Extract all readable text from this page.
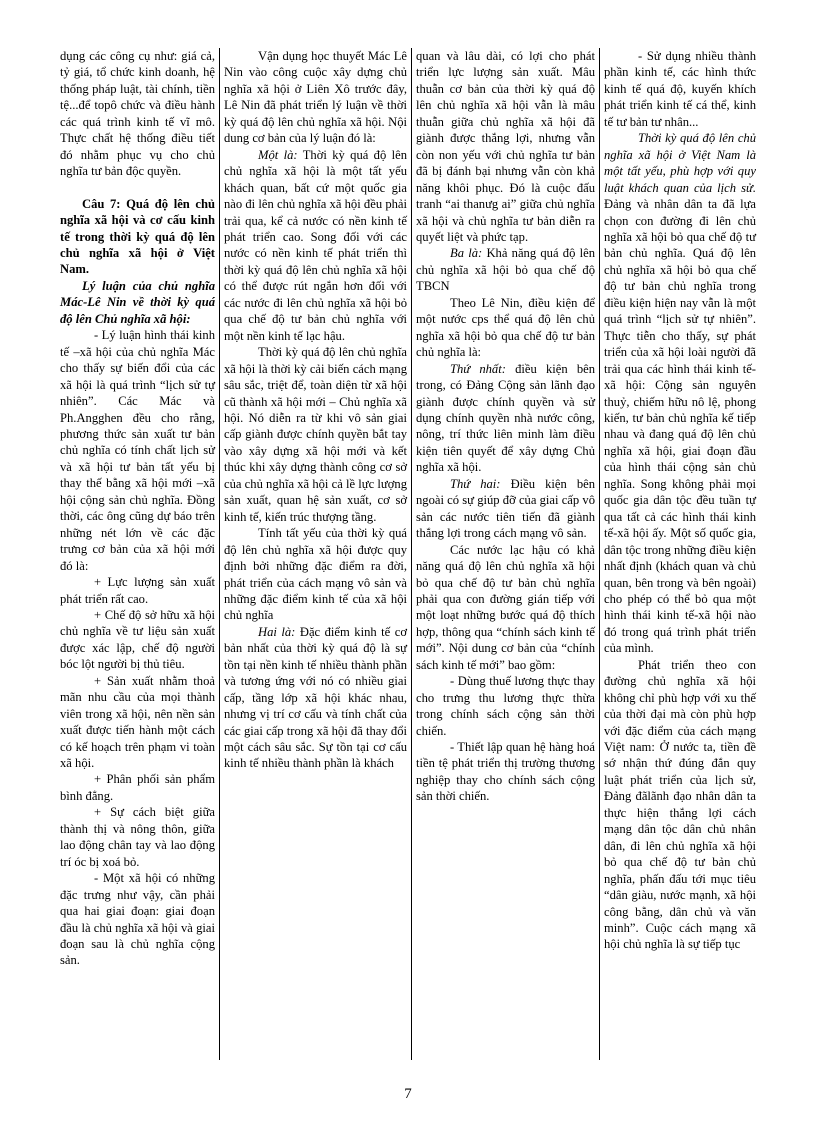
dụng các công cụ như: giá cả, tỷ giá, tổ chức kinh doanh, hệ thống pháp luật, tài chính, tiền tệ...để topô chức và điều hành các quá trình kinh tế vĩ mô. Thực chất hệ thống điều tiết đó nhằm phục vụ cho chủ nghĩa tư bản độc quyền.

Câu 7: Quá độ lên chủ nghĩa xã hội và cơ cấu kinh tế trong thời kỳ quá độ lên chủ nghĩa xã hội ở Việt Nam.

Lý luận của chủ nghĩa Mác-Lê Nin về thời kỳ quá độ lên Chủ nghĩa xã hội:

- Lý luận hình thái kinh tế –xã hội của chủ nghĩa Mác cho thấy sự biến đổi của các xã hội là quá trình “lịch sử tự nhiên”. Các Mác và Ph.Angghen đều cho rằng, phương thức sản xuất tư bản chủ nghĩa có tính chất lịch sử và xã hội tư bản tất yếu bị thay thế bằng xã hội mới –xã hội cộng sản chủ nghĩa. Đồng thời, các ông cũng dự báo trên những nét lớn về các đặc trưng cơ bản của xã hội mới đó là:

+ Lực lượng sản xuất phát triển rất cao.

+ Chế độ sở hữu xã hội chủ nghĩa về tư liệu sản xuất được xác lập, chế độ người bóc lột người bị thủ tiêu.

+ Sản xuất nhằm thoả mãn nhu cầu của mọi thành viên trong xã hội, nên nền sản xuất được tiến hành một cách có kế hoạch trên phạm vi toàn xã hội.

+ Phân phối sản phẩm bình đẳng.

+ Sự cách biệt giữa thành thị và nông thôn, giữa lao động chân tay và lao động trí óc bị xoá bỏ.

- Một xã hội có những đặc trưng như vậy, cần phải qua hai giai đoạn: giai đoạn đầu là chủ nghĩa xã hội và giai đoạn sau là chủ nghĩa cộng sản.

Vận dụng học thuyết Mác Lê Nin vào công cuộc xây dựng chủ nghĩa xã hội ở Liên Xô trước đây, Lê Nin đã phát triển lý luận về thời kỳ quá độ lên chủ nghĩa xã hội. Nội dung cơ bản của lý luận đó là:

Một là: Thời kỳ quá độ lên chủ nghĩa xã hội là một tất yếu khách quan, bất cứ một quốc gia nào đi lên chủ nghĩa xã hội đều phải trải qua, kể cả nước có nền kinh tế phát triển cao. Song đối với các nước có nền kinh tế phát triển thì thời kỳ quá độ lên chủ nghĩa xã hội có thể được rút ngắn hơn đối với các nước đi lên chủ nghĩa xã hội bỏ qua chế độ tư bản chủ nghĩa với một nền kinh tế lạc hậu.

Thời kỳ quá độ lên chủ nghĩa xã hội là thời kỳ cải biến cách mạng sâu sắc, triệt để, toàn diện từ xã hội cũ thành xã hội mới – Chủ nghĩa xã hội. Nó diễn ra từ khi vô sản giai cấp giành được chính quyền bắt tay vào xây dựng xã hội mới và kết thúc khi xây dựng thành công cơ sở của chủ nghĩa xã hội cả lề lực lượng sản xuất, quan hệ sản xuất, cơ sở kinh tế, kiến trúc thượng tầng.

Tính tất yếu của thời kỳ quá độ lên chủ nghĩa xã hội được quy định bởi những đặc điểm ra đời, phát triển của cách mạng vô sản và những đặc điểm kinh tế của xã hội chủ nghĩa

Hai là: Đặc điểm kinh tế cơ bản nhất của thời kỳ quá độ là sự tồn tại nền kinh tế nhiều thành phần và tương ứng với nó có nhiều giai cấp, tầng lớp xã hội khác nhau, nhưng vị trí cơ cấu và tính chất của các giai cấp trong xã hội đã thay đổi một cách sâu sắc. Sự tồn tại cơ cấu kinh tế nhiều thành phần là khách

quan và lâu dài, có lợi cho phát triển lực lượng sản xuất. Mâu thuẫn cơ bản của thời kỳ quá độ lên chủ nghĩa xã hội vẫn là mâu thuẫn giữa chủ nghĩa xã hội đã giành được thắng lợi, nhưng vẫn còn non yếu với chủ nghĩa tư bản đã bị đánh bại nhưng vẫn còn khả năng khôi phục. Đó là cuộc đấu tranh “ai thanưg ai” giữa chủ nghĩa xã hội và chủ nghĩa tư bản diễn ra quyết liệt và phức tạp.

Ba là: Khả năng quá độ lên chủ nghĩa xã hội bỏ qua chế độ TBCN

Theo Lê Nin, điều kiện để một nước cps thể quá độ lên chủ nghĩa xã hội bỏ qua chế độ tư bản chủ nghĩa là:

Thứ nhất: điều kiện bên trong, có Đảng Cộng sản lãnh đạo giành được chính quyền và sử dụng chính quyền nhà nước công, nông, trí thức liên minh làm điều kiện tiên quyết để xây dựng Chủ nghĩa xã hội.

Thứ hai: Điều kiện bên ngoài có sự giúp đỡ của giai cấp vô sản các nước tiên tiến đã giành thắng lợi trong cách mạng vô sản.

Các nước lạc hậu có khả năng quá độ lên chủ nghĩa xã hội bỏ qua chế độ tư bản chủ nghĩa phải qua con đường gián tiếp với một loạt những bước quá độ thích hợp, thông qua “chính sách kinh tế mới”. Nội dung cơ bản của “chính sách kinh tế mới” bao gồm:

- Dùng thuế lương thực thay cho trưng thu lương thực thừa trong chính sách cộng sản thời chiến.

- Thiết lập quan hệ hàng hoá tiền tệ phát triển thị trường thương nghiệp thay cho chính sách cộng sản thời chiến.

- Sử dụng nhiều thành phần kinh tế, các hình thức kinh tế quá độ, kuyến khích phát triển kinh tế cá thể, kinh tế tư bản tư nhân...

Thời kỳ quá độ lên chủ nghĩa xã hội ở Việt Nam là một tất yếu, phù hợp với quy luật khách quan của lịch sử. Đảng và nhân dân ta đã lựa chọn con đường đi lên chủ nghĩa xã hội bỏ qua chế độ tư bản chủ nghĩa. Quá độ lên chủ nghĩa xã hội bỏ qua chế độ tư bản chủ nghĩa trong điều kiện hiện nay vẫn là một quá trình “lịch sử tự nhiên”. Thực tiễn cho thấy, sự phát triển của xã hội loài người đã trải qua các hình thái kinh tế-xã hội: Cộng sản nguyên thuỷ, chiếm hữu nô lệ, phong kiến, tư bản chủ nghĩa kế tiếp nhau và đang quá độ lên chủ nghĩa xã hội, giai đoạn đầu của hình thái cộng sản chủ nghĩa. Song không phải mọi quốc gia dân tộc đều tuần tự qua tất cả các hình thái kinh tế-xã hội ấy. Một số quốc gia, dân tộc trong những điều kiện nhất định (khách quan và chủ quan, bên trong và bên ngoài) cho phép có thể bỏ qua một hình thái kinh tế-xã hội nào đó trong quá trình phát triển của mình.

Phát triển theo con đường chủ nghĩa xã hội không chỉ phù hợp với xu thế của thời đại mà còn phù hợp với đặc điểm của cách mạng Việt nam: Ở nước ta, tiền đề sớ nhận thứ đúng đắn quy luật phát triển của lịch sử, Đảng đãlãnh đạo nhân dân ta thực hiện thắng lợi cách mạng dân tộc dân chủ nhân dân, đi lên chủ nghĩa xã hội bỏ qua chế độ tư bản chủ nghĩa, phấn đấu tới mục tiêu “dân giàu, nước mạnh, xã hội công bằng, dân chủ và văn minh”. Cuộc cách mạng xã hội chủ nghĩa là sự tiếp tục

7
